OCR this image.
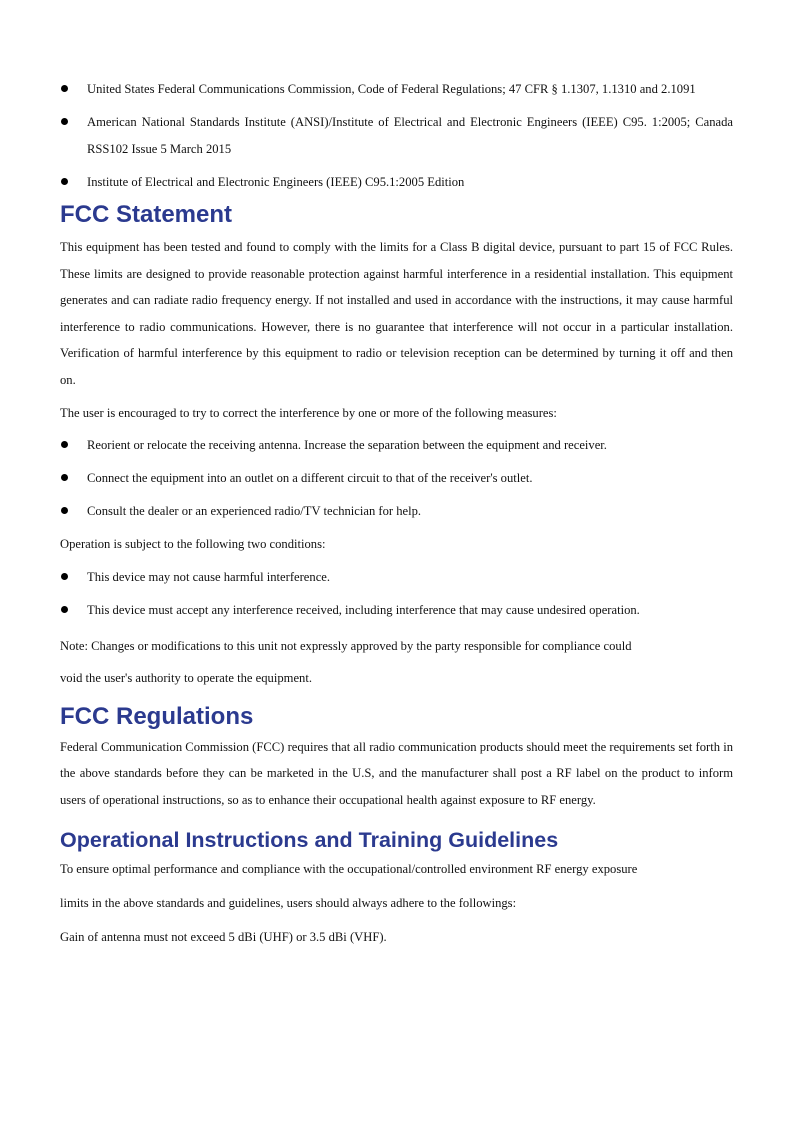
United States Federal Communications Commission, Code of Federal Regulations; 47 CFR § 1.1307, 1.1310 and 2.1091
American National Standards Institute (ANSI)/Institute of Electrical and Electronic Engineers (IEEE) C95. 1:2005; Canada RSS102 Issue 5 March 2015
Institute of Electrical and Electronic Engineers (IEEE) C95.1:2005 Edition
FCC Statement

This equipment has been tested and found to comply with the limits for a Class B digital device, pursuant to part 15 of FCC Rules. These limits are designed to provide reasonable protection against harmful interference in a residential installation. This equipment generates and can radiate radio frequency energy. If not installed and used in accordance with the instructions, it may cause harmful interference to radio communications. However, there is no guarantee that interference will not occur in a particular installation. Verification of harmful interference by this equipment to radio or television reception can be determined by turning it off and then on.

The user is encouraged to try to correct the interference by one or more of the following measures:

Reorient or relocate the receiving antenna. Increase the separation between the equipment and receiver.
Connect the equipment into an outlet on a different circuit to that of the receiver's outlet.
Consult the dealer or an experienced radio/TV technician for help.

Operation is subject to the following two conditions:

This device may not cause harmful interference.
This device must accept any interference received, including interference that may cause undesired operation.

Note: Changes or modifications to this unit not expressly approved by the party responsible for compliance could

void the user's authority to operate the equipment.

FCC Regulations

Federal Communication Commission (FCC) requires that all radio communication products should meet the requirements set forth in the above standards before they can be marketed in the U.S, and the manufacturer shall post a RF label on the product to inform users of operational instructions, so as to enhance their occupational health against exposure to RF energy.

Operational Instructions and Training Guidelines

To ensure optimal performance and compliance with the occupational/controlled environment RF energy exposure

limits in the above standards and guidelines, users should always adhere to the followings:

Gain of antenna must not exceed 5 dBi (UHF) or 3.5 dBi (VHF).
